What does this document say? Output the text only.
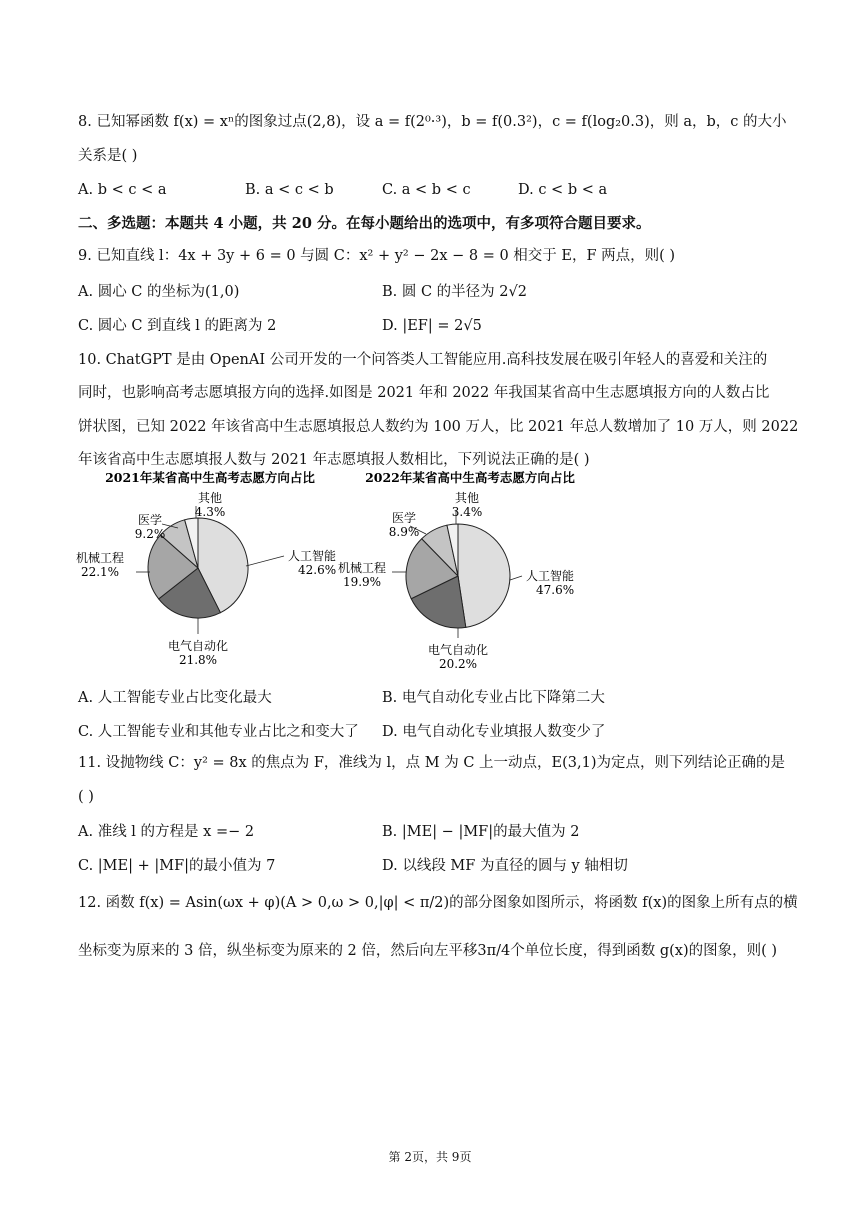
8. 已知幂函数 f(x) = xⁿ的图象过点(2,8)，设 a = f(2⁰·³)，b = f(0.3²)，c = f(log₂0.3)，则 a，b，c 的大小
关系是( )
A. b < c < a	B. a < c < b	C. a < b < c	D. c < b < a
二、多选题：本题共 4 小题，共 20 分。在每小题给出的选项中，有多项符合题目要求。
9. 已知直线 l：4x + 3y + 6 = 0 与圆 C：x² + y² − 2x − 8 = 0 相交于 E，F 两点，则( )
A. 圆心 C 的坐标为(1,0)	B. 圆 C 的半径为 2√2
C. 圆心 C 到直线 l 的距离为 2	D. |EF| = 2√5
10. ChatGPT 是由 OpenAI 公司开发的一个问答类人工智能应用.高科技发展在吸引年轻人的喜爱和关注的
同时，也影响高考志愿填报方向的选择.如图是 2021 年和 2022 年我国某省高中生志愿填报方向的人数占比
饼状图，已知 2022 年该省高中生志愿填报总人数约为 100 万人，比 2021 年总人数增加了 10 万人，则 2022
年该省高中生志愿填报人数与 2021 年志愿填报人数相比，下列说法正确的是( )
2021年某省高中生高考志愿方向占比	2022年某省高中生高考志愿方向占比
人工智能
42.6%
电气自动化
21.8%
机械工程
22.1%
医学
9.2%
其他
4.3%
人工智能
47.6%
电气自动化
20.2%
机械工程
19.9%
医学
8.9%
其他
3.4%
A. 人工智能专业占比变化最大	B. 电气自动化专业占比下降第二大
C. 人工智能专业和其他专业占比之和变大了 D. 电气自动化专业填报人数变少了
11. 设抛物线 C：y² = 8x 的焦点为 F，准线为 l，点 M 为 C 上一动点，E(3,1)为定点，则下列结论正确的是
( )
A. 准线 l 的方程是 x =− 2	B. |ME| − |MF|的最大值为 2
C. |ME| + |MF|的最小值为 7	D. 以线段 MF 为直径的圆与 y 轴相切
12. 函数 f(x) = Asin(ωx + φ)(A > 0,ω > 0,|φ| < π/2)的部分图象如图所示，将函数 f(x)的图象上所有点的横
坐标变为原来的 3 倍，纵坐标变为原来的 2 倍，然后向左平移3π/4个单位长度，得到函数 g(x)的图象，则( )
第 2页，共 9页
